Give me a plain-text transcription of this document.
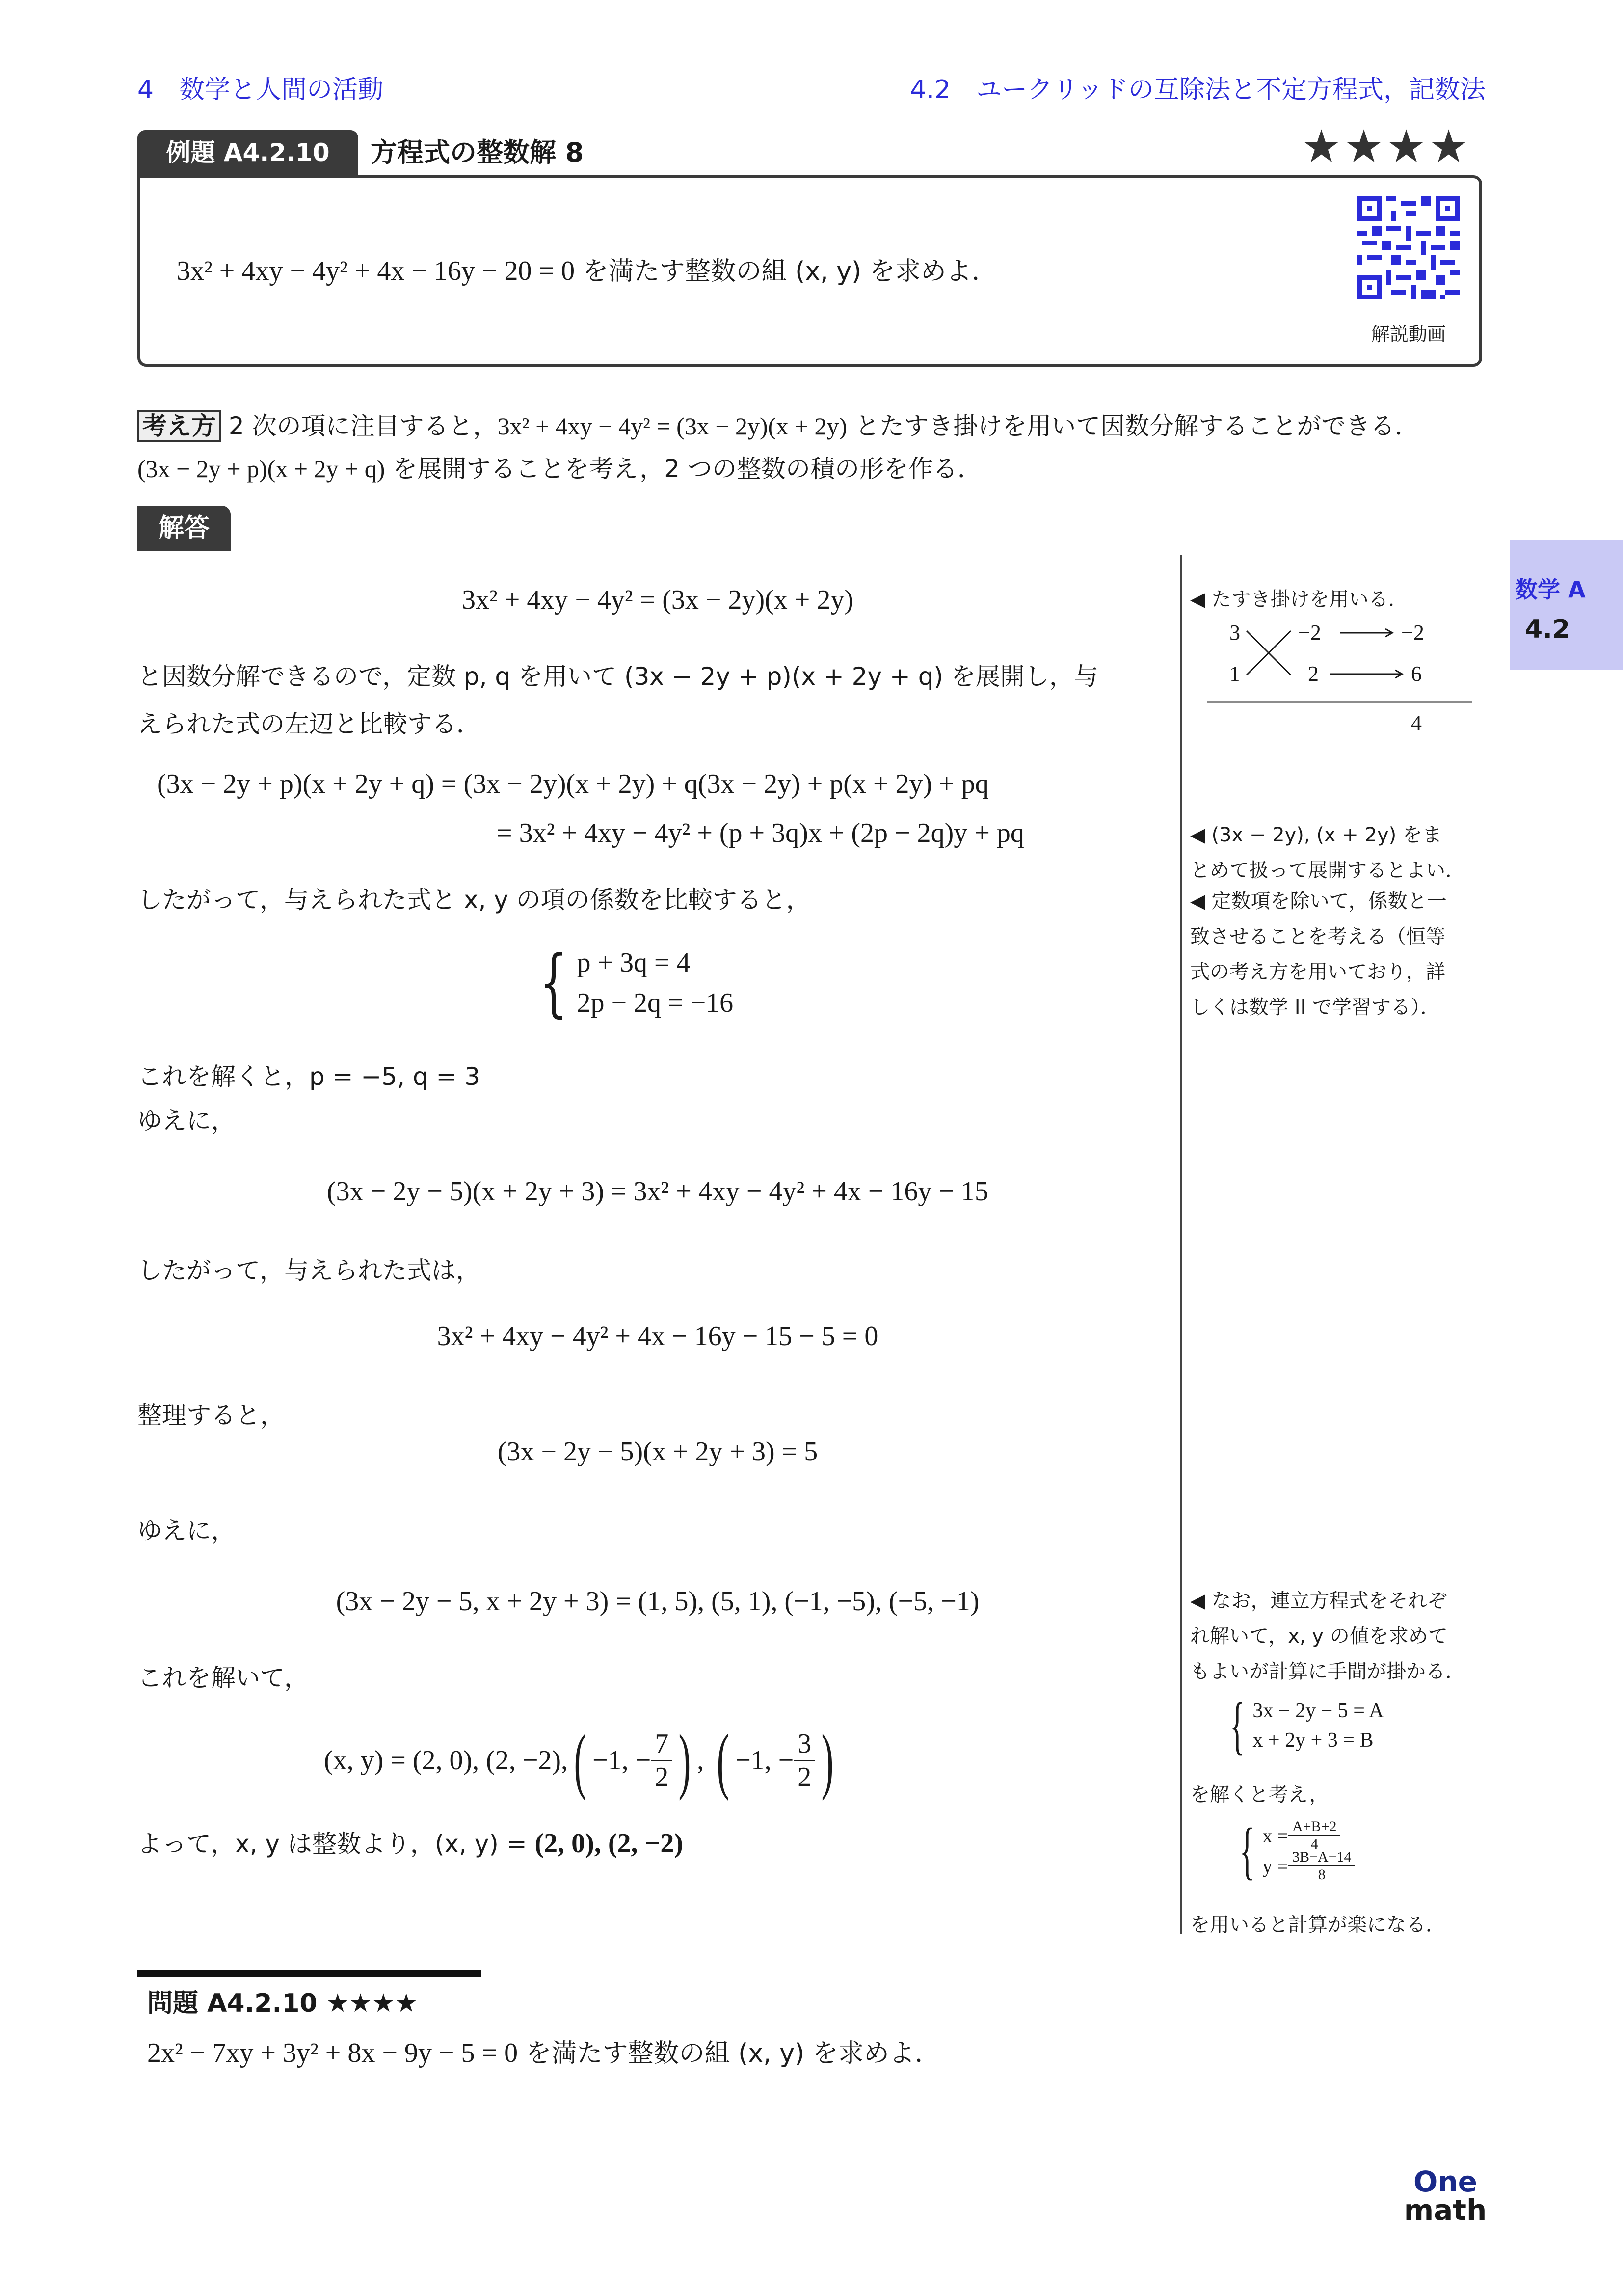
4　数学と人間の活動	4.2　ユークリッドの互除法と不定方程式，記数法
例題 A4.2.10	方程式の整数解 8	★★★★
3x² + 4xy − 4y² + 4x − 16y − 20 = 0 を満たす整数の組 (x, y) を求めよ．
解説動画
考え方 2 次の項に注目すると，3x² + 4xy − 4y² = (3x − 2y)(x + 2y) とたすき掛けを用いて因数分解することができる．
(3x − 2y + p)(x + 2y + q) を展開することを考え，2 つの整数の積の形を作る．
解答
3x² + 4xy − 4y² = (3x − 2y)(x + 2y)
と因数分解できるので，定数 p, q を用いて (3x − 2y + p)(x + 2y + q) を展開し，与
えられた式の左辺と比較する．
(3x − 2y + p)(x + 2y + q) = (3x − 2y)(x + 2y) + q(3x − 2y) + p(x + 2y) + pq
= 3x² + 4xy − 4y² + (p + 3q)x + (2p − 2q)y + pq
したがって，与えられた式と x, y の項の係数を比較すると，
{ p + 3q = 4
2p − 2q = −16
これを解くと，p = −5, q = 3
ゆえに，
(3x − 2y − 5)(x + 2y + 3) = 3x² + 4xy − 4y² + 4x − 16y − 15
したがって，与えられた式は，
3x² + 4xy − 4y² + 4x − 16y − 15 − 5 = 0
整理すると，
(3x − 2y − 5)(x + 2y + 3) = 5
ゆえに，
(3x − 2y − 5, x + 2y + 3) = (1, 5), (5, 1), (−1, −5), (−5, −1)
これを解いて，
(x, y) = (2, 0), (2, −2), ( −1, − $\frac{7}{2}$ ) , ( −1, − $\frac{3}{2}$ )
よって，x, y は整数より，(x, y) = (2, 0), (2, −2)
◀ たすき掛けを用いる．
3	−2	−2
1	2	6
4
◀ (3x − 2y), (x + 2y) をま
とめて扱って展開するとよい．
◀ 定数項を除いて，係数と一
致させることを考える（恒等
式の考え方を用いており，詳
しくは数学 II で学習する）．
◀ なお，連立方程式をそれぞ
れ解いて，x, y の値を求めて
もよいが計算に手間が掛かる．
{ 3x − 2y − 5 = A
x + 2y + 3 = B
を解くと考え，
{ $x = \frac{A+B+2}{4}$
$y = \frac{3B-A-14}{8}$
を用いると計算が楽になる．
数学 A
4.2
問題 A4.2.10 ★★★★
2x² − 7xy + 3y² + 8x − 9y − 5 = 0 を満たす整数の組 (x, y) を求めよ．
One
math
